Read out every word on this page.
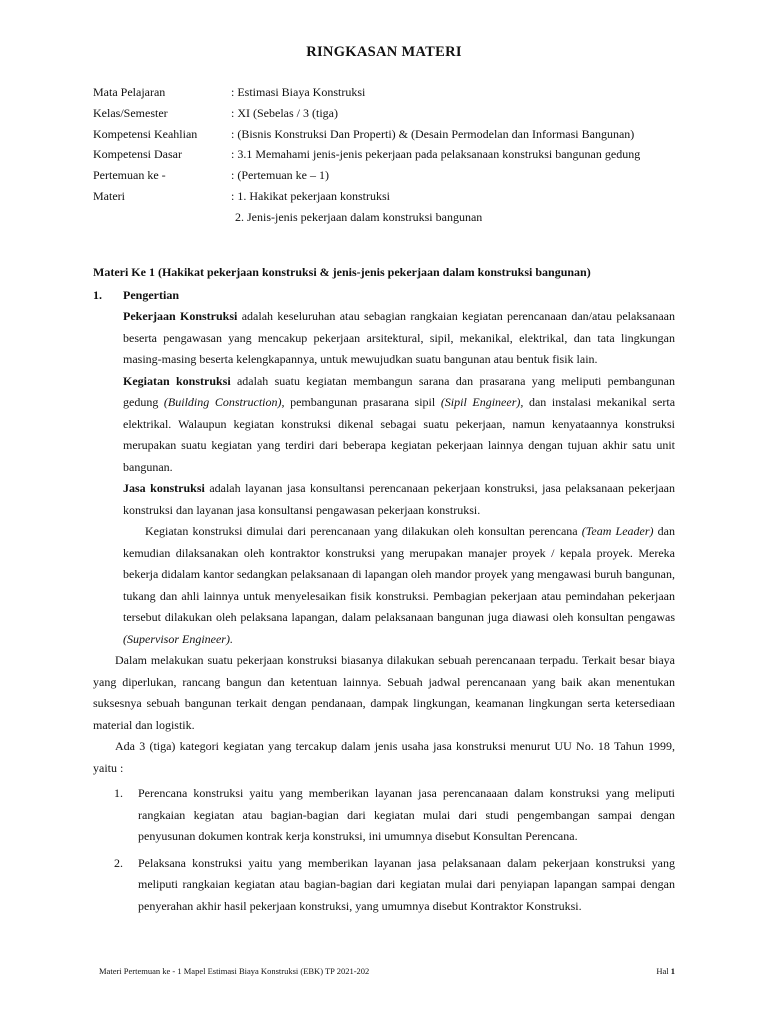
RINGKASAN MATERI
Mata Pelajaran	: Estimasi Biaya Konstruksi
Kelas/Semester	: XI (Sebelas / 3 (tiga)
Kompetensi Keahlian	: (Bisnis Konstruksi Dan Properti) & (Desain Permodelan dan Informasi Bangunan)
Kompetensi Dasar	: 3.1 Memahami jenis-jenis pekerjaan pada pelaksanaan konstruksi bangunan gedung
Pertemuan ke -	: (Pertemuan ke – 1)
Materi	: 1. Hakikat pekerjaan konstruksi
2. Jenis-jenis pekerjaan dalam konstruksi bangunan
Materi Ke 1 (Hakikat pekerjaan konstruksi & jenis-jenis pekerjaan dalam konstruksi bangunan)
1.	Pengertian

Pekerjaan Konstruksi adalah keseluruhan atau sebagian rangkaian kegiatan perencanaan dan/atau pelaksanaan beserta pengawasan yang mencakup pekerjaan arsitektural, sipil, mekanikal, elektrikal, dan tata lingkungan masing-masing beserta kelengkapannya, untuk mewujudkan suatu bangunan atau bentuk fisik lain.

Kegiatan konstruksi adalah suatu kegiatan membangun sarana dan prasarana yang meliputi pembangunan gedung (Building Construction), pembangunan prasarana sipil (Sipil Engineer), dan instalasi mekanikal serta elektrikal. Walaupun kegiatan konstruksi dikenal sebagai suatu pekerjaan, namun kenyataannya konstruksi merupakan suatu kegiatan yang terdiri dari beberapa kegiatan pekerjaan lainnya dengan tujuan akhir satu unit bangunan.

Jasa konstruksi adalah layanan jasa konsultansi perencanaan pekerjaan konstruksi, jasa pelaksanaan pekerjaan konstruksi dan layanan jasa konsultansi pengawasan pekerjaan konstruksi.

Kegiatan konstruksi dimulai dari perencanaan yang dilakukan oleh konsultan perencana (Team Leader) dan kemudian dilaksanakan oleh kontraktor konstruksi yang merupakan manajer proyek / kepala proyek. Mereka bekerja didalam kantor sedangkan pelaksanaan di lapangan oleh mandor proyek yang mengawasi buruh bangunan, tukang dan ahli lainnya untuk menyelesaikan fisik konstruksi. Pembagian pekerjaan atau pemindahan pekerjaan tersebut dilakukan oleh pelaksana lapangan, dalam pelaksanaan bangunan juga diawasi oleh konsultan pengawas (Supervisor Engineer).

Dalam melakukan suatu pekerjaan konstruksi biasanya dilakukan sebuah perencanaan terpadu. Terkait besar biaya yang diperlukan, rancang bangun dan ketentuan lainnya. Sebuah jadwal perencanaan yang baik akan menentukan suksesnya sebuah bangunan terkait dengan pendanaan, dampak lingkungan, keamanan lingkungan serta ketersediaan material dan logistik.

Ada 3 (tiga) kategori kegiatan yang tercakup dalam jenis usaha jasa konstruksi menurut UU No. 18 Tahun 1999, yaitu :

1.	Perencana konstruksi yaitu yang memberikan layanan jasa perencanaaan dalam konstruksi yang meliputi rangkaian kegiatan atau bagian-bagian dari kegiatan mulai dari studi pengembangan sampai dengan penyusunan dokumen kontrak kerja konstruksi, ini umumnya disebut Konsultan Perencana.
2.	Pelaksana konstruksi yaitu yang memberikan layanan jasa pelaksanaan dalam pekerjaan konstruksi yang meliputi rangkaian kegiatan atau bagian-bagian dari kegiatan mulai dari penyiapan lapangan sampai dengan penyerahan akhir hasil pekerjaan konstruksi, yang umumnya disebut Kontraktor Konstruksi.
Materi Pertemuan ke - 1 Mapel Estimasi Biaya Konstruksi (EBK) TP 2021-202	Hal 1
